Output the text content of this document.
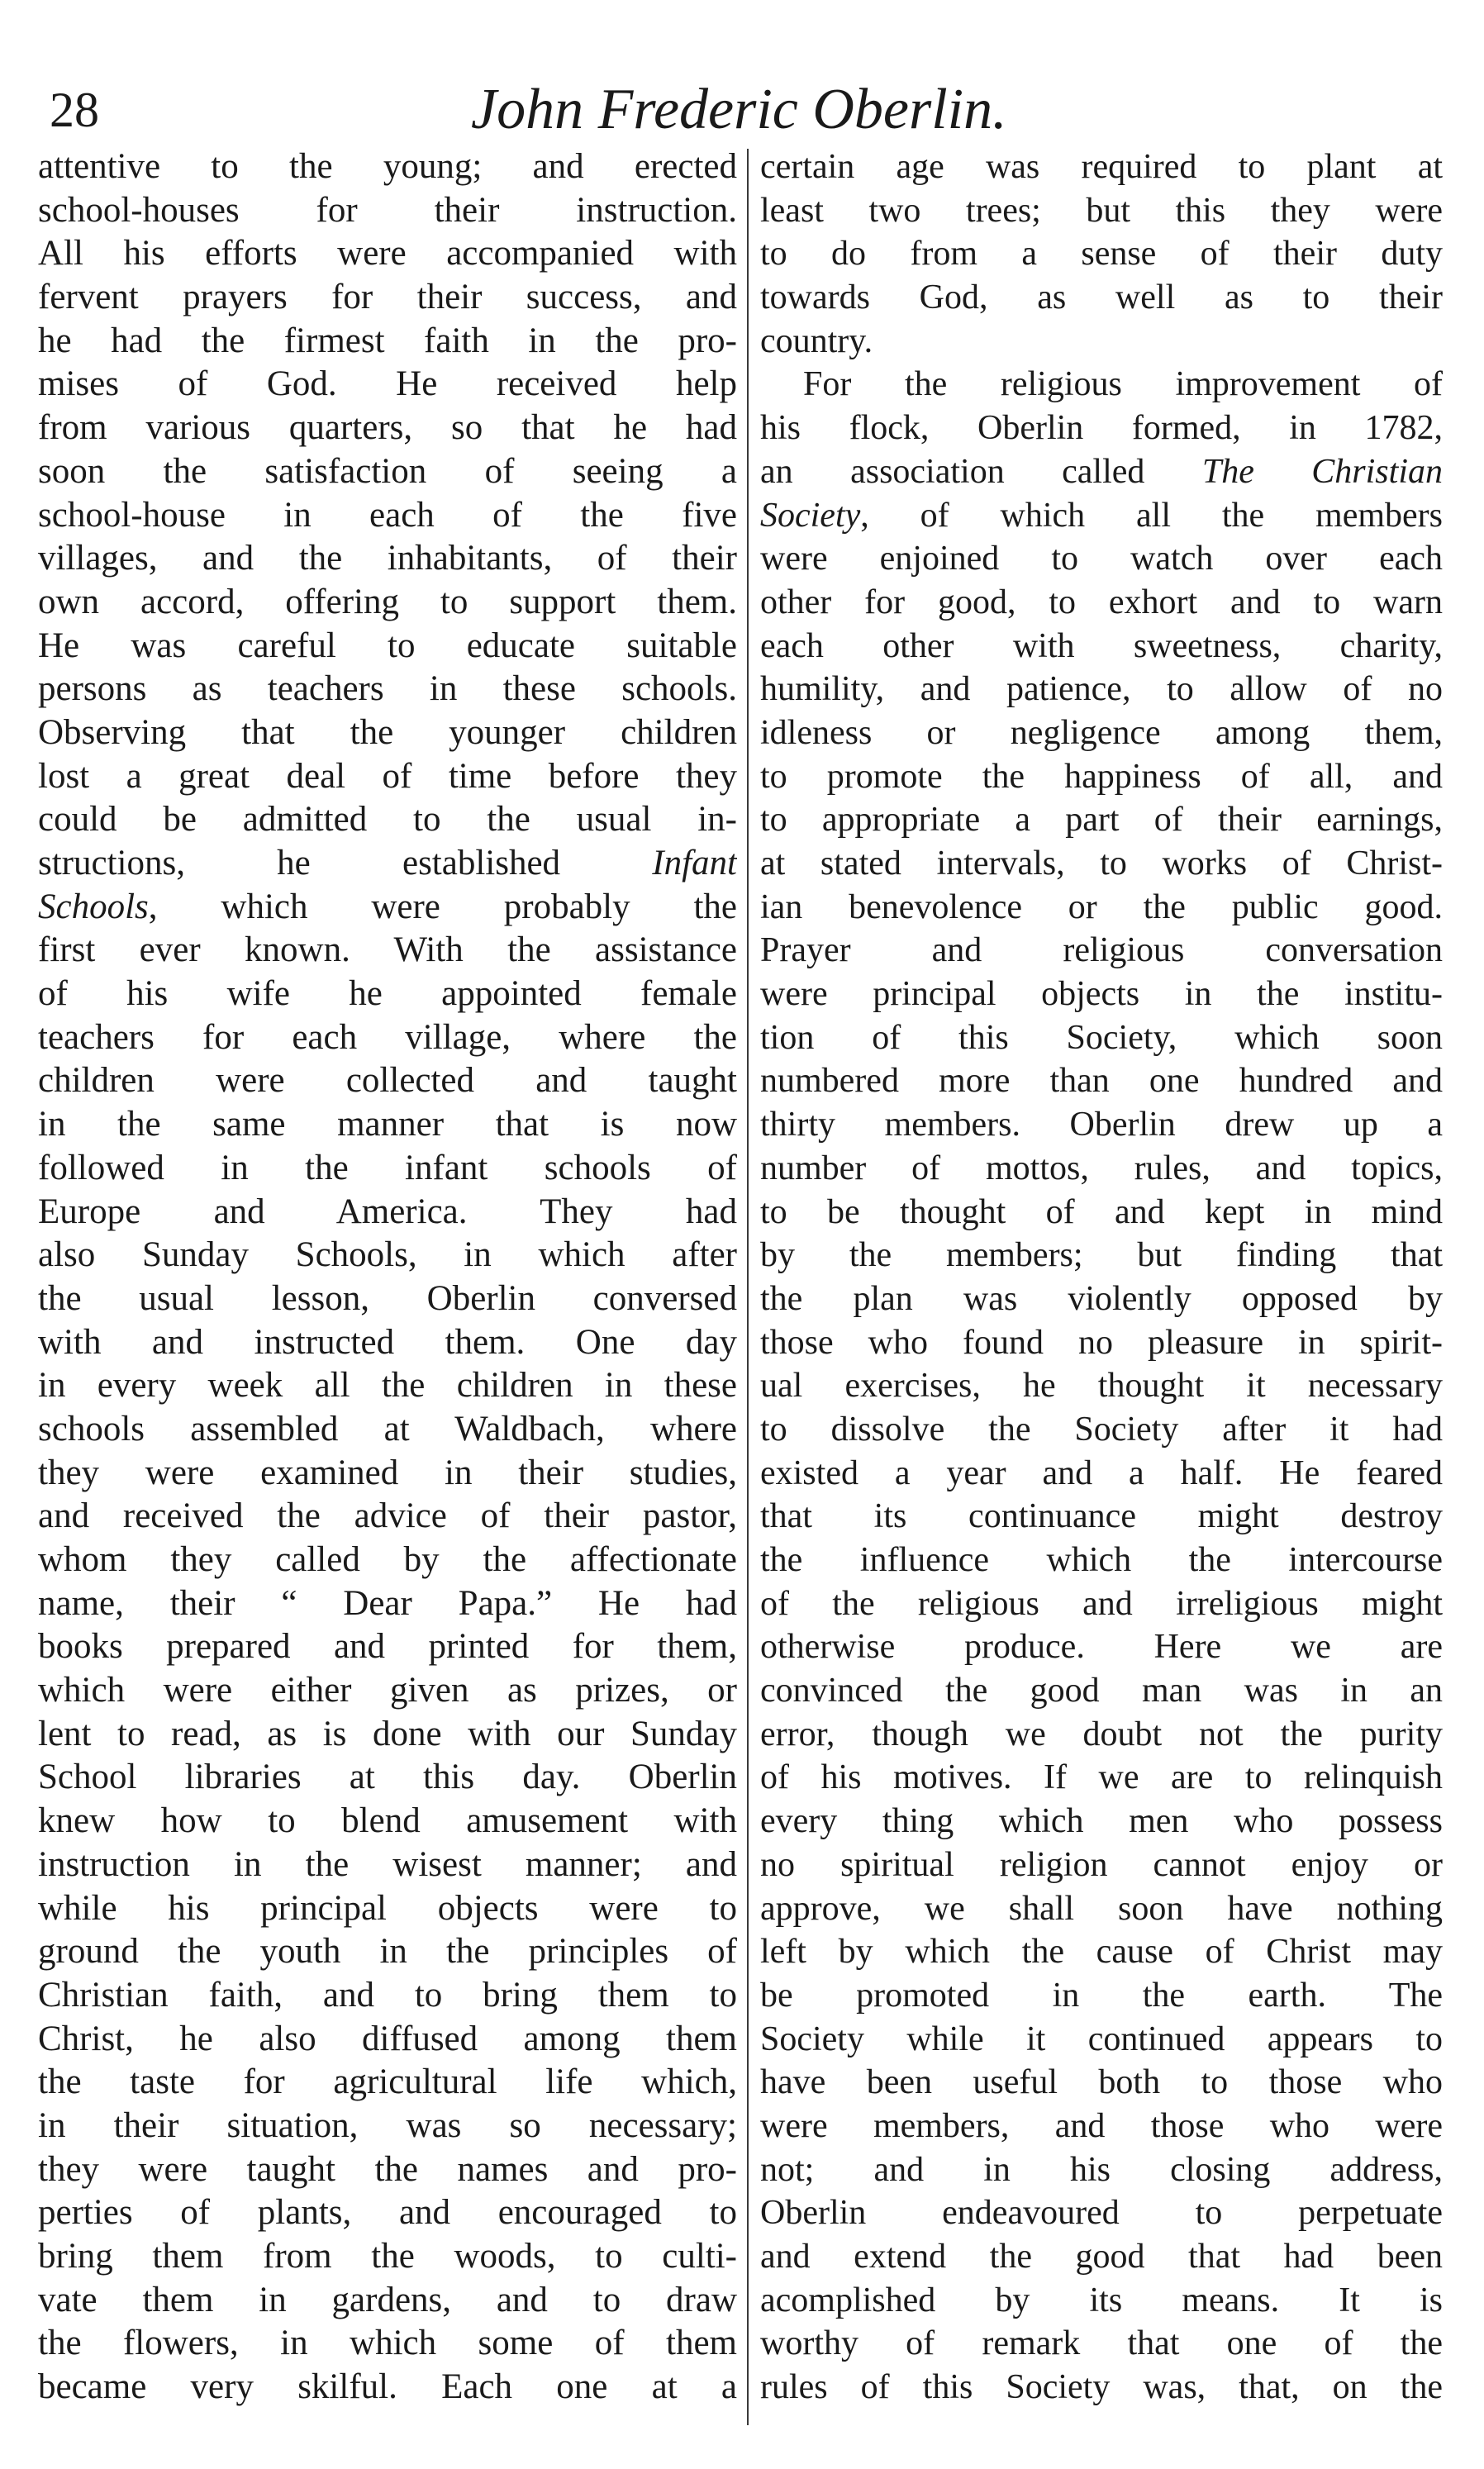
28	John Frederic Oberlin.
attentive to the young; and erected
school-houses for their instruction.
All his efforts were accompanied with
fervent prayers for their success, and
he had the firmest faith in the pro-
mises of God. He received help
from various quarters, so that he had
soon the satisfaction of seeing a
school-house in each of the five
villages, and the inhabitants, of their
own accord, offering to support them.
He was careful to educate suitable
persons as teachers in these schools.
Observing that the younger children
lost a great deal of time before they
could be admitted to the usual in-
structions, he established Infant
Schools, which were probably the
first ever known. With the assistance
of his wife he appointed female
teachers for each village, where the
children were collected and taught
in the same manner that is now
followed in the infant schools of
Europe and America. They had
also Sunday Schools, in which after
the usual lesson, Oberlin conversed
with and instructed them. One day
in every week all the children in these
schools assembled at Waldbach, where
they were examined in their studies,
and received the advice of their pastor,
whom they called by the affectionate
name, their “ Dear Papa.” He had
books prepared and printed for them,
which were either given as prizes, or
lent to read, as is done with our Sunday
School libraries at this day. Oberlin
knew how to blend amusement with
instruction in the wisest manner; and
while his principal objects were to
ground the youth in the principles of
Christian faith, and to bring them to
Christ, he also diffused among them
the taste for agricultural life which,
in their situation, was so necessary;
they were taught the names and pro-
perties of plants, and encouraged to
bring them from the woods, to culti-
vate them in gardens, and to draw
the flowers, in which some of them
became very skilful. Each one at a
certain age was required to plant at
least two trees; but this they were
to do from a sense of their duty
towards God, as well as to their
country.
For the religious improvement of
his flock, Oberlin formed, in 1782,
an association called The Christian
Society, of which all the members
were enjoined to watch over each
other for good, to exhort and to warn
each other with sweetness, charity,
humility, and patience, to allow of no
idleness or negligence among them,
to promote the happiness of all, and
to appropriate a part of their earnings,
at stated intervals, to works of Christ-
ian benevolence or the public good.
Prayer and religious conversation
were principal objects in the institu-
tion of this Society, which soon
numbered more than one hundred and
thirty members. Oberlin drew up a
number of mottos, rules, and topics,
to be thought of and kept in mind
by the members; but finding that
the plan was violently opposed by
those who found no pleasure in spirit-
ual exercises, he thought it necessary
to dissolve the Society after it had
existed a year and a half. He feared
that its continuance might destroy
the influence which the intercourse
of the religious and irreligious might
otherwise produce. Here we are
convinced the good man was in an
error, though we doubt not the purity
of his motives. If we are to relinquish
every thing which men who possess
no spiritual religion cannot enjoy or
approve, we shall soon have nothing
left by which the cause of Christ may
be promoted in the earth. The
Society while it continued appears to
have been useful both to those who
were members, and those who were
not; and in his closing address,
Oberlin endeavoured to perpetuate
and extend the good that had been
acomplished by its means. It is
worthy of remark that one of the
rules of this Society was, that, on the
